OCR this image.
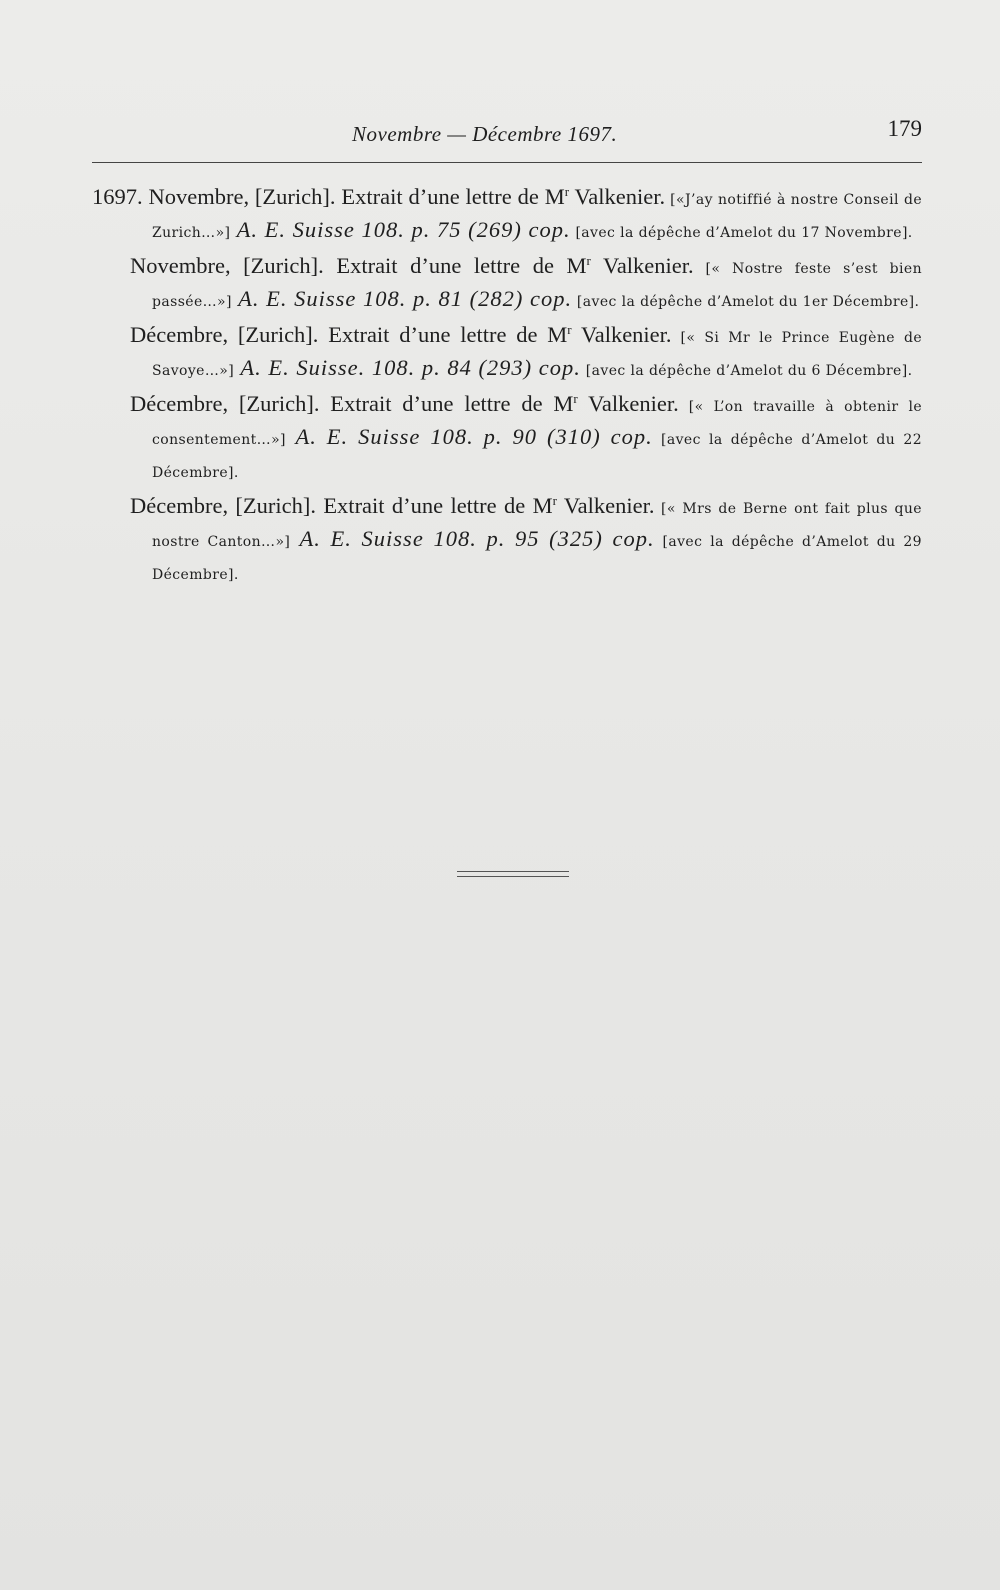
Novembre — Décembre 1697.	179

1697. Novembre, [Zurich]. Extrait d’une lettre de $M^r$ Valkenier. [«J’ay notiffié à nostre Conseil de Zurich…»] A. E. Suisse 108. p. 75 (269) cop. [avec la dépêche d’Amelot du 17 Novembre].

Novembre, [Zurich]. Extrait d’une lettre de $M^r$ Valkenier. [« Nostre feste s’est bien passée…»] A. E. Suisse 108. p. 81 (282) cop. [avec la dépêche d’Amelot du 1er Décembre].

Décembre, [Zurich]. Extrait d’une lettre de $M^r$ Valkenier. [« Si Mr le Prince Eugène de Savoye…»] A. E. Suisse. 108. p. 84 (293) cop. [avec la dépêche d’Amelot du 6 Décembre].

Décembre, [Zurich]. Extrait d’une lettre de $M^r$ Valkenier. [« L’on travaille à obtenir le consentement…»] A. E. Suisse 108. p. 90 (310) cop. [avec la dépêche d’Amelot du 22 Décembre].

Décembre, [Zurich]. Extrait d’une lettre de $M^r$ Valkenier. [« Mrs de Berne ont fait plus que nostre Canton…»] A. E. Suisse 108. p. 95 (325) cop. [avec la dépêche d’Amelot du 29 Décembre].
